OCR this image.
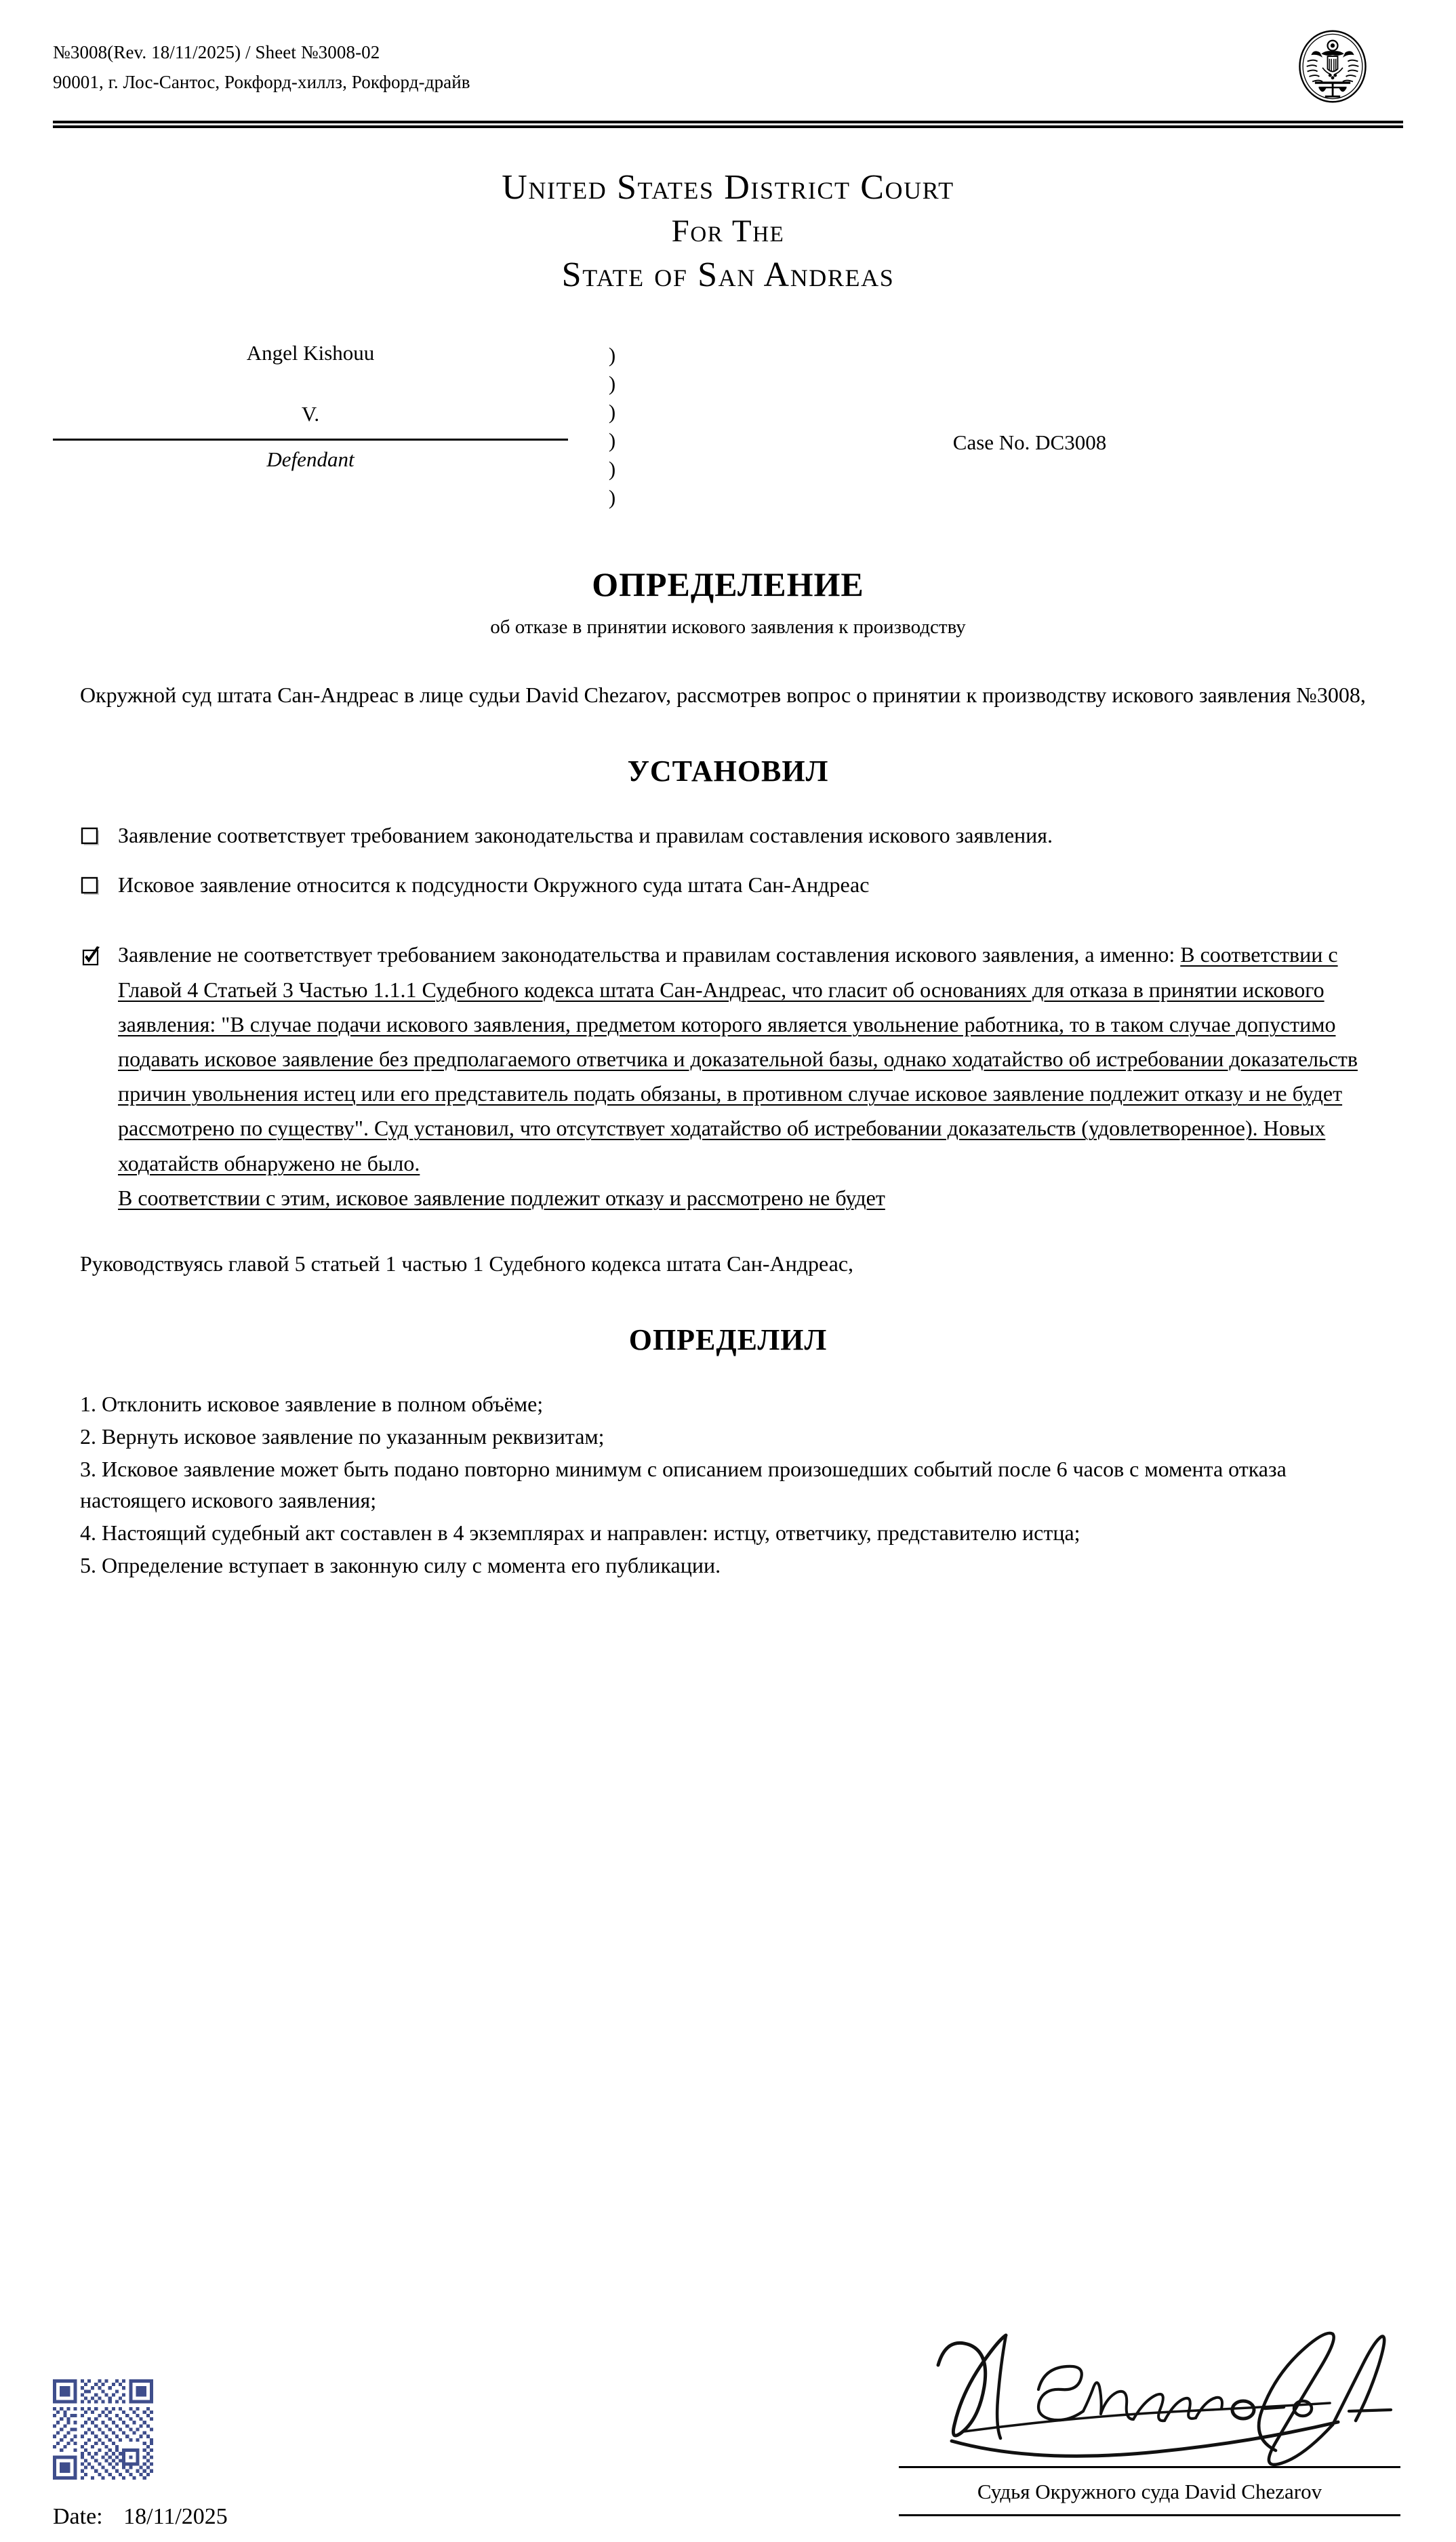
№3008(Rev. 18/11/2025) / Sheet №3008-02
90001, г. Лос-Сантос, Рокфорд-хиллз, Рокфорд-драйв
United States District Court
For The
State of San Andreas
Angel Kishouu
V.
Defendant
)
)
)
)
)
)
Case No. DC3008
ОПРЕДЕЛЕНИЕ
об отказе в принятии искового заявления к производству
Окружной суд штата Сан-Андреас в лице судьи David Chezarov, рассмотрев вопрос о принятии к производству искового заявления №3008,
УСТАНОВИЛ
Заявление соответствует требованием законодательства и правилам составления искового заявления.
Исковое заявление относится к подсудности Окружного суда штата Сан-Андреас
Заявление не соответствует требованием законодательства и правилам составления искового заявления, а именно: В соответствии с Главой 4 Статьей 3 Частью 1.1.1 Судебного кодекса штата Сан-Андреас, что гласит об основаниях для отказа в принятии искового заявления: "В случае подачи искового заявления, предметом которого является увольнение работника, то в таком случае допустимо подавать исковое заявление без предполагаемого ответчика и доказательной базы, однако ходатайство об истребовании доказательств причин увольнения истец или его представитель подать обязаны, в противном случае исковое заявление подлежит отказу и не будет рассмотрено по существу". Суд установил, что отсутствует ходатайство об истребовании доказательств (удовлетворенное). Новых ходатайств обнаружено не было.
В соответствии с этим, исковое заявление подлежит отказу и рассмотрено не будет
Руководствуясь главой 5 статьей 1 частью 1 Судебного кодекса штата Сан-Андреас,
ОПРЕДЕЛИЛ
1. Отклонить исковое заявление в полном объёме;
2. Вернуть исковое заявление по указанным реквизитам;
3. Исковое заявление может быть подано повторно минимум с описанием произошедших событий после 6 часов с момента отказа настоящего искового заявления;
4. Настоящий судебный акт составлен в 4 экземплярах и направлен: истцу, ответчику, представителю истца;
5. Определение вступает в законную силу с момента его публикации.
Date: 18/11/2025
Судья Окружного суда David Chezarov
